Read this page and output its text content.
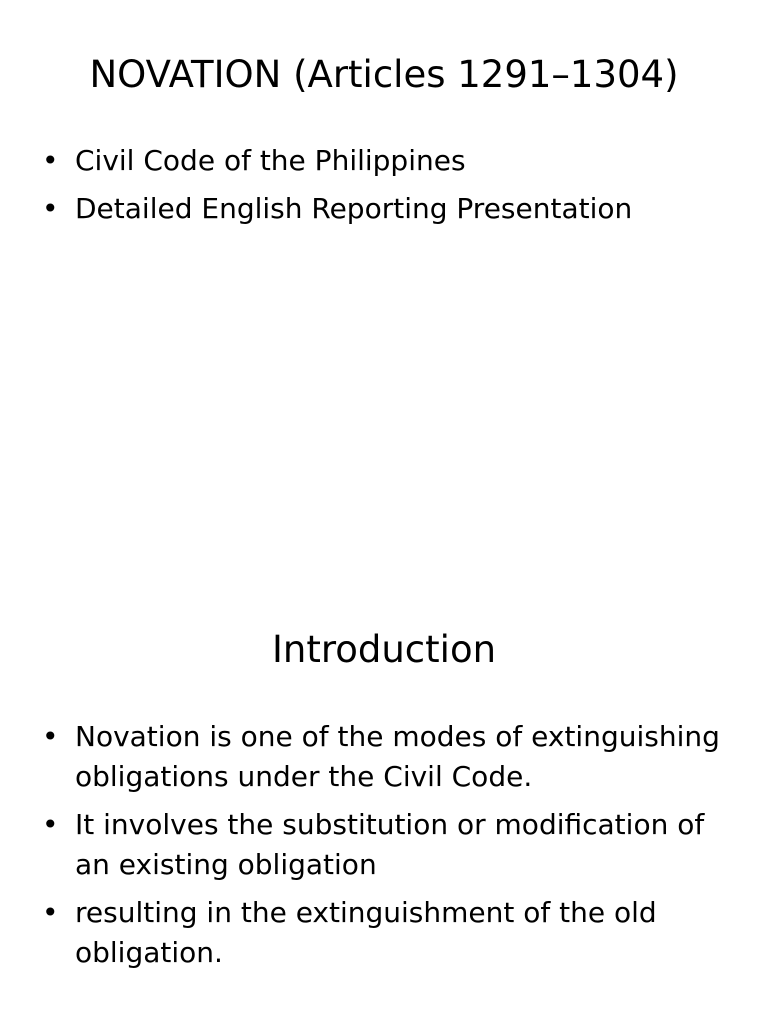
NOVATION (Articles 1291–1304)
• Civil Code of the Philippines
• Detailed English Reporting Presentation
Introduction
• Novation is one of the modes of extinguishing obligations under the Civil Code.
• It involves the substitution or modification of an existing obligation
• resulting in the extinguishment of the old obligation.
